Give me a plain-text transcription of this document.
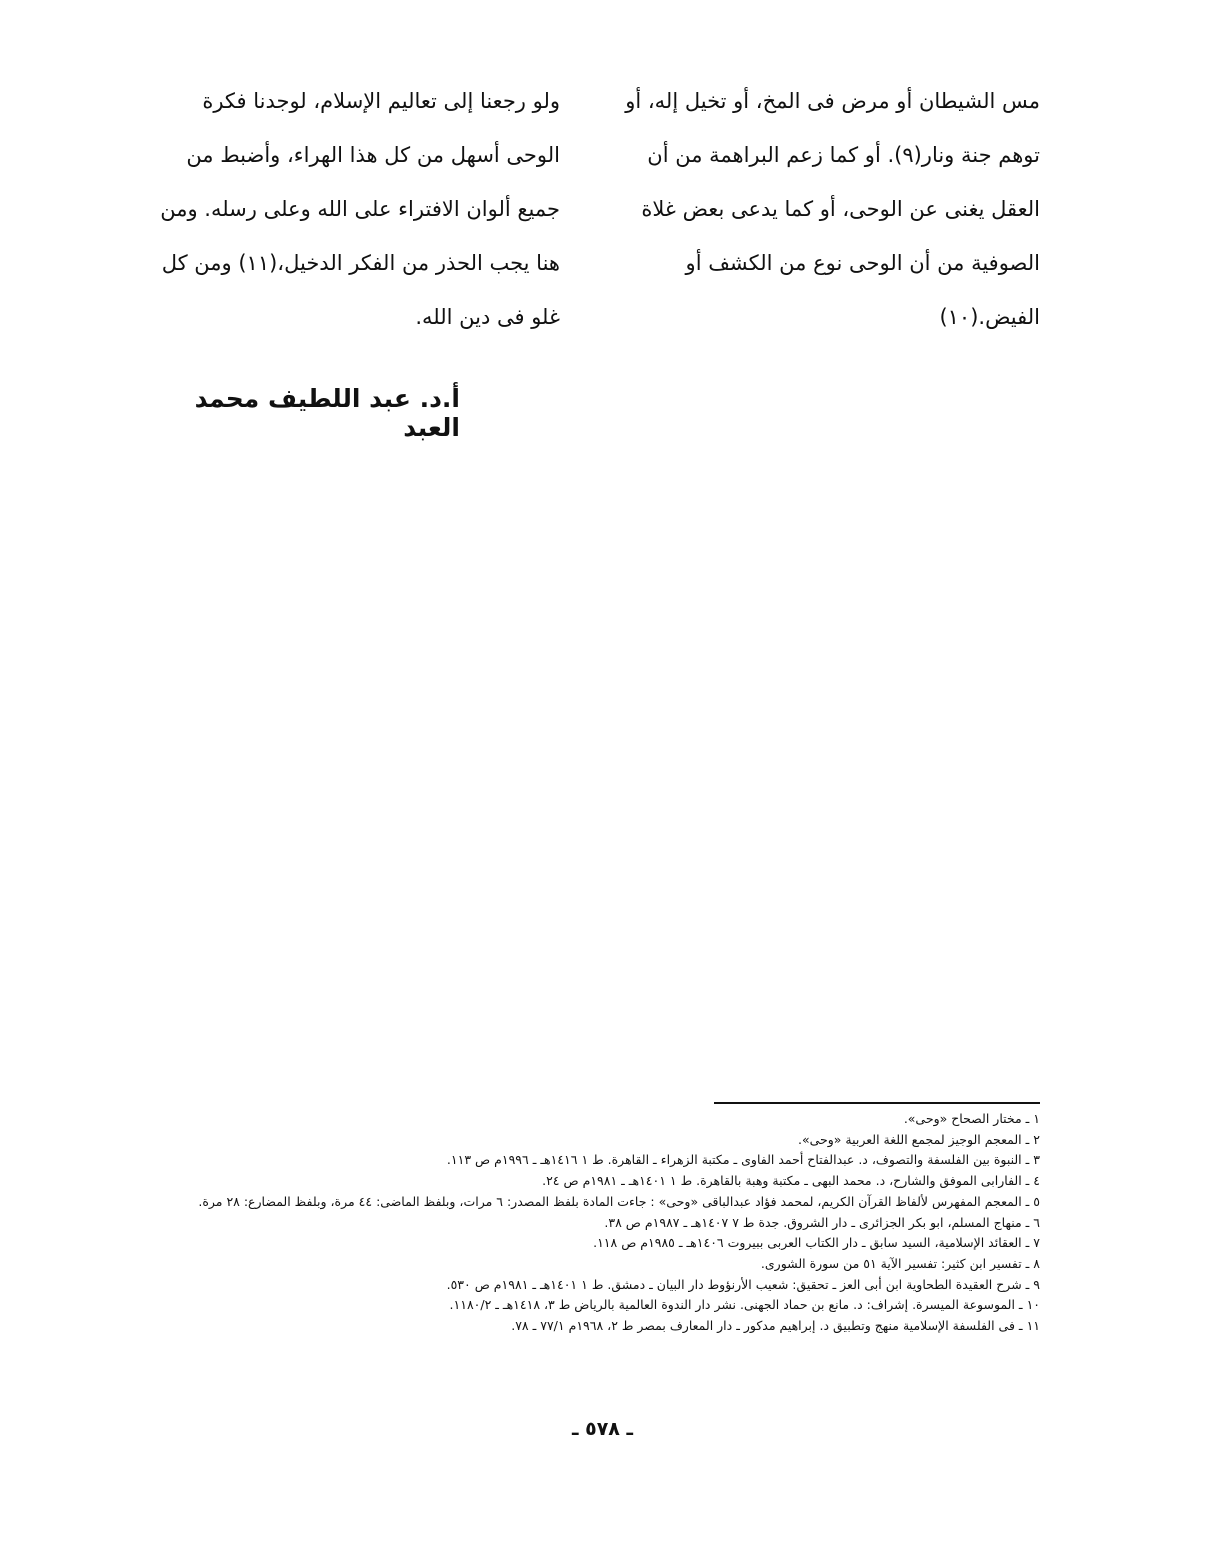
مس الشيطان أو مرض فى المخ، أو تخيل إله، أو
توهم جنة ونار(٩). أو كما زعم البراهمة من أن
العقل يغنى عن الوحى، أو كما يدعى بعض غلاة
الصوفية من أن الوحى نوع من الكشف أو
الفيض.(١٠)
ولو رجعنا إلى تعاليم الإسلام، لوجدنا فكرة
الوحى أسهل من كل هذا الهراء، وأضبط من
جميع ألوان الافتراء على الله وعلى رسله. ومن
هنا يجب الحذر من الفكر الدخيل،(١١) ومن كل
غلو فى دين الله.
أ.د. عبد اللطيف محمد العبد
١ ـ مختار الصحاح «وحى».
٢ ـ المعجم الوجيز لمجمع اللغة العربية «وحى».
٣ ـ النبوة بين الفلسفة والتصوف، د. عبدالفتاح أحمد الفاوى ـ مكتبة الزهراء ـ القاهرة. ط ١ ١٤١٦هـ ـ ١٩٩٦م ص ١١٣.
٤ ـ الفارابى الموفق والشارح، د. محمد البهى ـ مكتبة وهبة بالقاهرة. ط ١ ١٤٠١هـ ـ ١٩٨١م ص ٢٤.
٥ ـ المعجم المفهرس لألفاظ القرآن الكريم، لمحمد فؤاد عبدالباقى «وحى» : جاءت المادة بلفظ المصدر: ٦ مرات، وبلفظ الماضى: ٤٤ مرة، وبلفظ المضارع: ٢٨ مرة.
٦ ـ منهاج المسلم، ابو بكر الجزائرى ـ دار الشروق. جدة ط ٧ ١٤٠٧هـ ـ ١٩٨٧م ص ٣٨.
٧ ـ العقائد الإسلامية، السيد سابق ـ دار الكتاب العربى ببيروت ١٤٠٦هـ ـ ١٩٨٥م ص ١١٨.
٨ ـ تفسير ابن كثير: تفسير الآية ٥١ من سورة الشورى.
٩ ـ شرح العقيدة الطحاوية ابن أبى العز ـ تحقيق: شعيب الأرنؤوط دار البيان ـ دمشق. ط ١ ١٤٠١هـ ـ ١٩٨١م ص ٥٣٠.
١٠ ـ الموسوعة الميسرة. إشراف: د. مانع بن حماد الجهنى. نشر دار الندوة العالمية بالرياض ط ٣، ١٤١٨هـ ـ ١١٨٠/٢.
١١ ـ فى الفلسفة الإسلامية منهج وتطبيق د. إبراهيم مدكور ـ دار المعارف بمصر ط ٢، ١٩٦٨م ٧٧/١ ـ ٧٨.
ـ ٥٧٨ ـ
